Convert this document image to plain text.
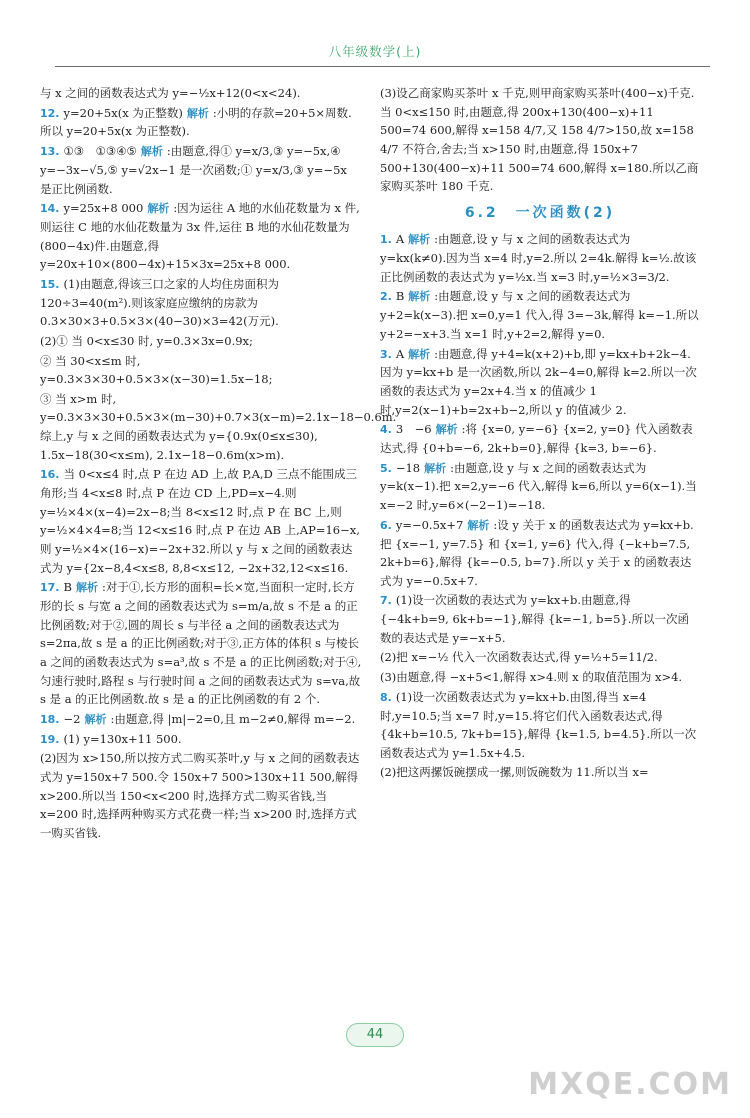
八年级数学(上)
与 x 之间的函数表达式为 y=−½x+12(0<x<24).
12. y=20+5x(x 为正整数) 解析 :小明的存款=20+5×周数.所以 y=20+5x(x 为正整数).
13. ①③　①③④⑤ 解析 :由题意,得① y=x/3,③ y=−5x,④ y=−3x−√5,⑤ y=√2x−1 是一次函数;① y=x/3,③ y=−5x 是正比例函数.
14. y=25x+8 000 解析 :因为运往 A 地的水仙花数量为 x 件,则运往 C 地的水仙花数量为 3x 件,运往 B 地的水仙花数量为(800−4x)件.由题意,得 y=20x+10×(800−4x)+15×3x=25x+8 000.
15. (1)由题意,得该三口之家的人均住房面积为 120÷3=40(m²).则该家庭应缴纳的房款为 0.3×30×3+0.5×3×(40−30)×3=42(万元).
(2)① 当 0<x≤30 时, y=0.3×3x=0.9x;
② 当 30<x≤m 时, y=0.3×3×30+0.5×3×(x−30)=1.5x−18;
③ 当 x>m 时, y=0.3×3×30+0.5×3×(m−30)+0.7×3(x−m)=2.1x−18−0.6m.综上,y 与 x 之间的函数表达式为 y={0.9x(0≤x≤30), 1.5x−18(30<x≤m), 2.1x−18−0.6m(x>m).
16. 当 0<x≤4 时,点 P 在边 AD 上,故 P,A,D 三点不能围成三角形;当 4<x≤8 时,点 P 在边 CD 上,PD=x−4.则 y=½×4×(x−4)=2x−8;当 8<x≤12 时,点 P 在 BC 上,则 y=½×4×4=8;当 12<x≤16 时,点 P 在边 AB 上,AP=16−x,则 y=½×4×(16−x)=−2x+32.所以 y 与 x 之间的函数表达式为 y={2x−8,4<x≤8, 8,8<x≤12, −2x+32,12<x≤16.
17. B 解析 :对于①,长方形的面积=长×宽,当面积一定时,长方形的长 s 与宽 a 之间的函数表达式为 s=m/a,故 s 不是 a 的正比例函数;对于②,圆的周长 s 与半径 a 之间的函数表达式为 s=2πa,故 s 是 a 的正比例函数;对于③,正方体的体积 s 与棱长 a 之间的函数表达式为 s=a³,故 s 不是 a 的正比例函数;对于④,匀速行驶时,路程 s 与行驶时间 a 之间的函数表达式为 s=va,故 s 是 a 的正比例函数.故 s 是 a 的正比例函数的有 2 个.
18. −2 解析 :由题意,得 |m|−2=0,且 m−2≠0,解得 m=−2.
19. (1) y=130x+11 500.
(2)因为 x>150,所以按方式二购买茶叶,y 与 x 之间的函数表达式为 y=150x+7 500.令 150x+7 500>130x+11 500,解得 x>200.所以当 150<x<200 时,选择方式二购买省钱,当 x=200 时,选择两种购买方式花费一样;当 x>200 时,选择方式一购买省钱.
(3)设乙商家购买茶叶 x 千克,则甲商家购买茶叶(400−x)千克.当 0<x≤150 时,由题意,得 200x+130(400−x)+11 500=74 600,解得 x=158 4/7,又 158 4/7>150,故 x=158 4/7 不符合,舍去;当 x>150 时,由题意,得 150x+7 500+130(400−x)+11 500=74 600,解得 x=180.所以乙商家购买茶叶 180 千克.
6.2　一次函数(2)
1. A 解析 :由题意,设 y 与 x 之间的函数表达式为 y=kx(k≠0).因为当 x=4 时,y=2.所以 2=4k.解得 k=½.故该正比例函数的表达式为 y=½x.当 x=3 时,y=½×3=3/2.
2. B 解析 :由题意,设 y 与 x 之间的函数表达式为 y+2=k(x−3).把 x=0,y=1 代入,得 3=−3k,解得 k=−1.所以 y+2=−x+3.当 x=1 时,y+2=2,解得 y=0.
3. A 解析 :由题意,得 y+4=k(x+2)+b,即 y=kx+b+2k−4.因为 y=kx+b 是一次函数,所以 2k−4=0,解得 k=2.所以一次函数的表达式为 y=2x+4.当 x 的值减少 1 时,y=2(x−1)+b=2x+b−2,所以 y 的值减少 2.
4. 3　−6 解析 :将 {x=0, y=−6} {x=2, y=0} 代入函数表达式,得 {0+b=−6, 2k+b=0},解得 {k=3, b=−6}.
5. −18 解析 :由题意,设 y 与 x 之间的函数表达式为 y=k(x−1).把 x=2,y=−6 代入,解得 k=6,所以 y=6(x−1).当 x=−2 时,y=6×(−2−1)=−18.
6. y=−0.5x+7 解析 :设 y 关于 x 的函数表达式为 y=kx+b.把 {x=−1, y=7.5} 和 {x=1, y=6} 代入,得 {−k+b=7.5, 2k+b=6},解得 {k=−0.5, b=7}.所以 y 关于 x 的函数表达式为 y=−0.5x+7.
7. (1)设一次函数的表达式为 y=kx+b.由题意,得 {−4k+b=9, 6k+b=−1},解得 {k=−1, b=5}.所以一次函数的表达式是 y=−x+5.
(2)把 x=−½ 代入一次函数表达式,得 y=½+5=11/2.
(3)由题意,得 −x+5<1,解得 x>4.则 x 的取值范围为 x>4.
8. (1)设一次函数表达式为 y=kx+b.由图,得当 x=4 时,y=10.5;当 x=7 时,y=15.将它们代入函数表达式,得 {4k+b=10.5, 7k+b=15},解得 {k=1.5, b=4.5}.所以一次函数表达式为 y=1.5x+4.5.
(2)把这两摞饭碗摆成一摞,则饭碗数为 11.所以当 x=
44
MXQE.COM
